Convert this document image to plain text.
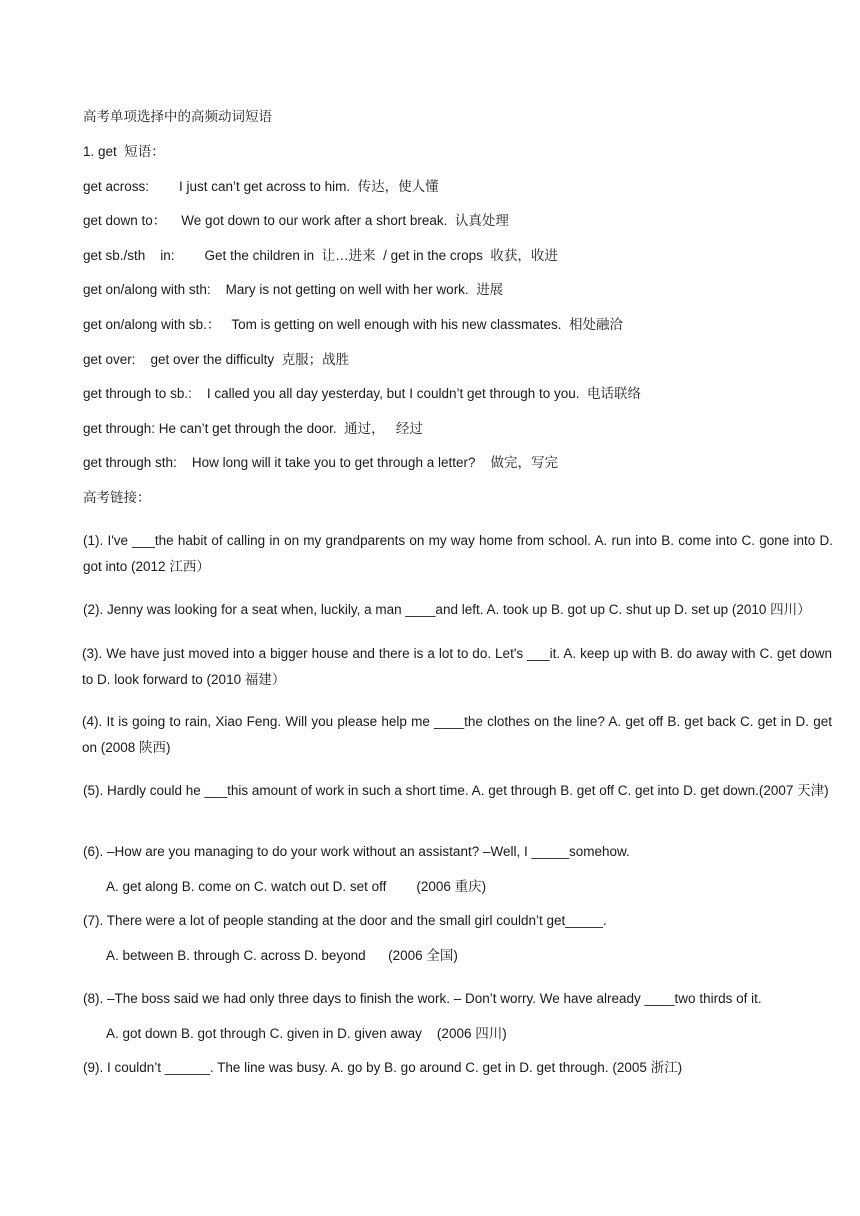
高考单项选择中的高频动词短语
1. get  短语：
get across:        I just can’t get across to him.  传达，使人懂
get down to：    We got down to our work after a short break.  认真处理
get sb./sth    in:        Get the children in  让…进来  / get in the crops  收获，收进
get on/along with sth:    Mary is not getting on well with her work.  进展
get on/along with sb.：   Tom is getting on well enough with his new classmates.  相处融洽
get over:    get over the difficulty  克服；战胜
get through to sb.:    I called you all day yesterday, but I couldn’t get through to you.  电话联络
get through: He can’t get through the door.  通过，   经过
get through sth:    How long will it take you to get through a letter?    做完，写完
高考链接：
(1). I've ___the habit of calling in on my grandparents on my way home from school. A. run into B. come into C. gone into D. got into (2012 江西）
(2). Jenny was looking for a seat when, luckily, a man ____and left. A. took up B. got up C. shut up D. set up (2010 四川）
(3). We have just moved into a bigger house and there is a lot to do. Let's ___it. A. keep up with B. do away with C. get down to D. look forward to (2010 福建）
(4). It is going to rain, Xiao Feng. Will you please help me ____the clothes on the line? A. get off B. get back C. get in D. get on (2008 陕西)
(5). Hardly could he ___this amount of work in such a short time. A. get through B. get off C. get into D. get down.(2007 天津)
(6). –How are you managing to do your work without an assistant? –Well, I _____somehow.
A. get along B. come on C. watch out D. set off        (2006 重庆)
(7). There were a lot of people standing at the door and the small girl couldn’t get_____.
A. between B. through C. across D. beyond      (2006 全国)
(8). –The boss said we had only three days to finish the work. – Don’t worry. We have already ____two thirds of it.
A. got down B. got through C. given in D. given away    (2006 四川)
(9). I couldn’t ______. The line was busy. A. go by B. go around C. get in D. get through. (2005 浙江)
